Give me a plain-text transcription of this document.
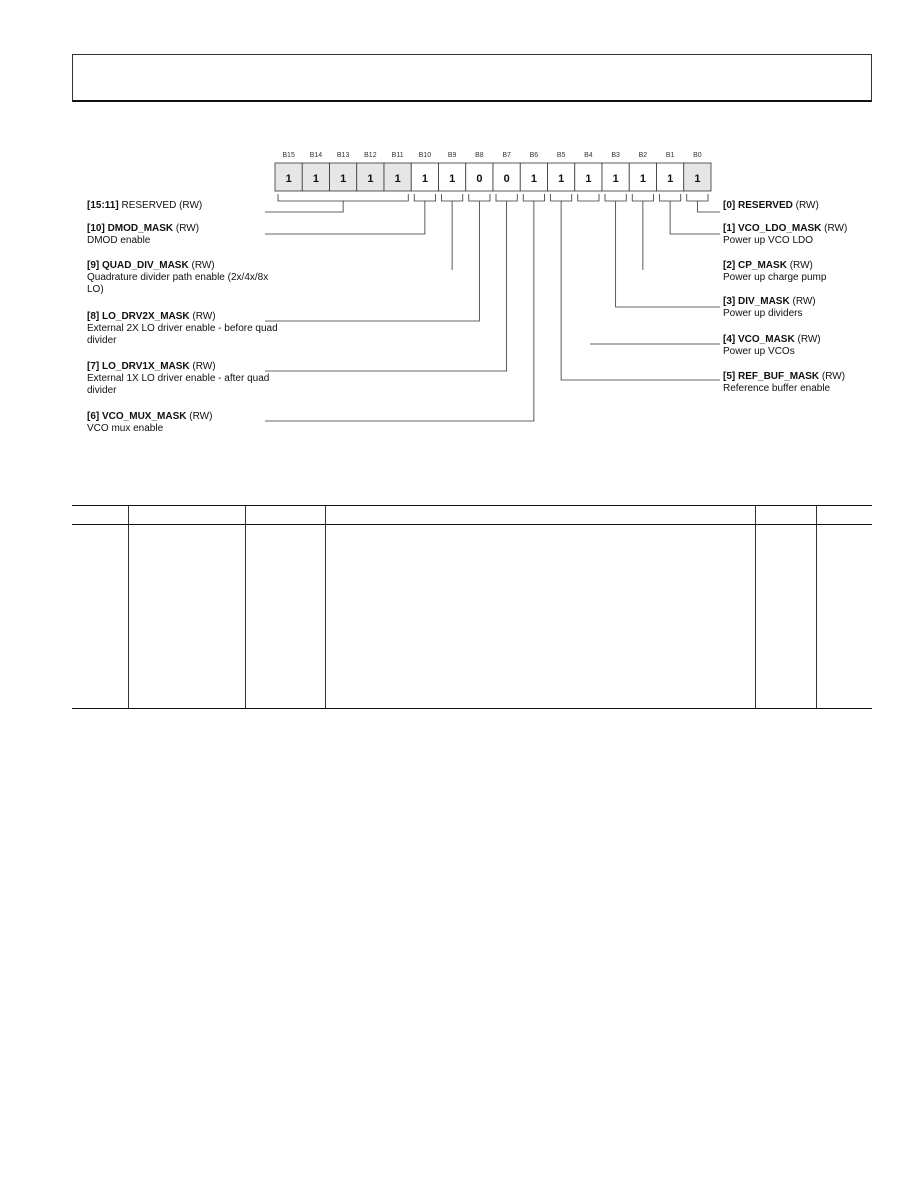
B15
1
B14
1
B13
1
B12
1
B11
1
B10
1
B9
1
B8
0
B7
0
B6
1
B5
1
B4
1
B3
1
B2
1
B1
1
B0
1
[15:11] RESERVED (RW)
[10] DMOD_MASK (RW)
DMOD enable
[9] QUAD_DIV_MASK (RW)
Quadrature divider path enable (2x/4x/8x LO)
[8] LO_DRV2X_MASK (RW)
External 2X LO driver enable - before quad divider
[7] LO_DRV1X_MASK (RW)
External 1X LO driver enable - after quad divider
[6] VCO_MUX_MASK (RW)
VCO mux enable
[0] RESERVED (RW)
[1] VCO_LDO_MASK (RW)
Power up VCO LDO
[2] CP_MASK (RW)
Power up charge pump
[3] DIV_MASK (RW)
Power up dividers
[4] VCO_MASK (RW)
Power up VCOs
[5] REF_BUF_MASK (RW)
Reference buffer enable
